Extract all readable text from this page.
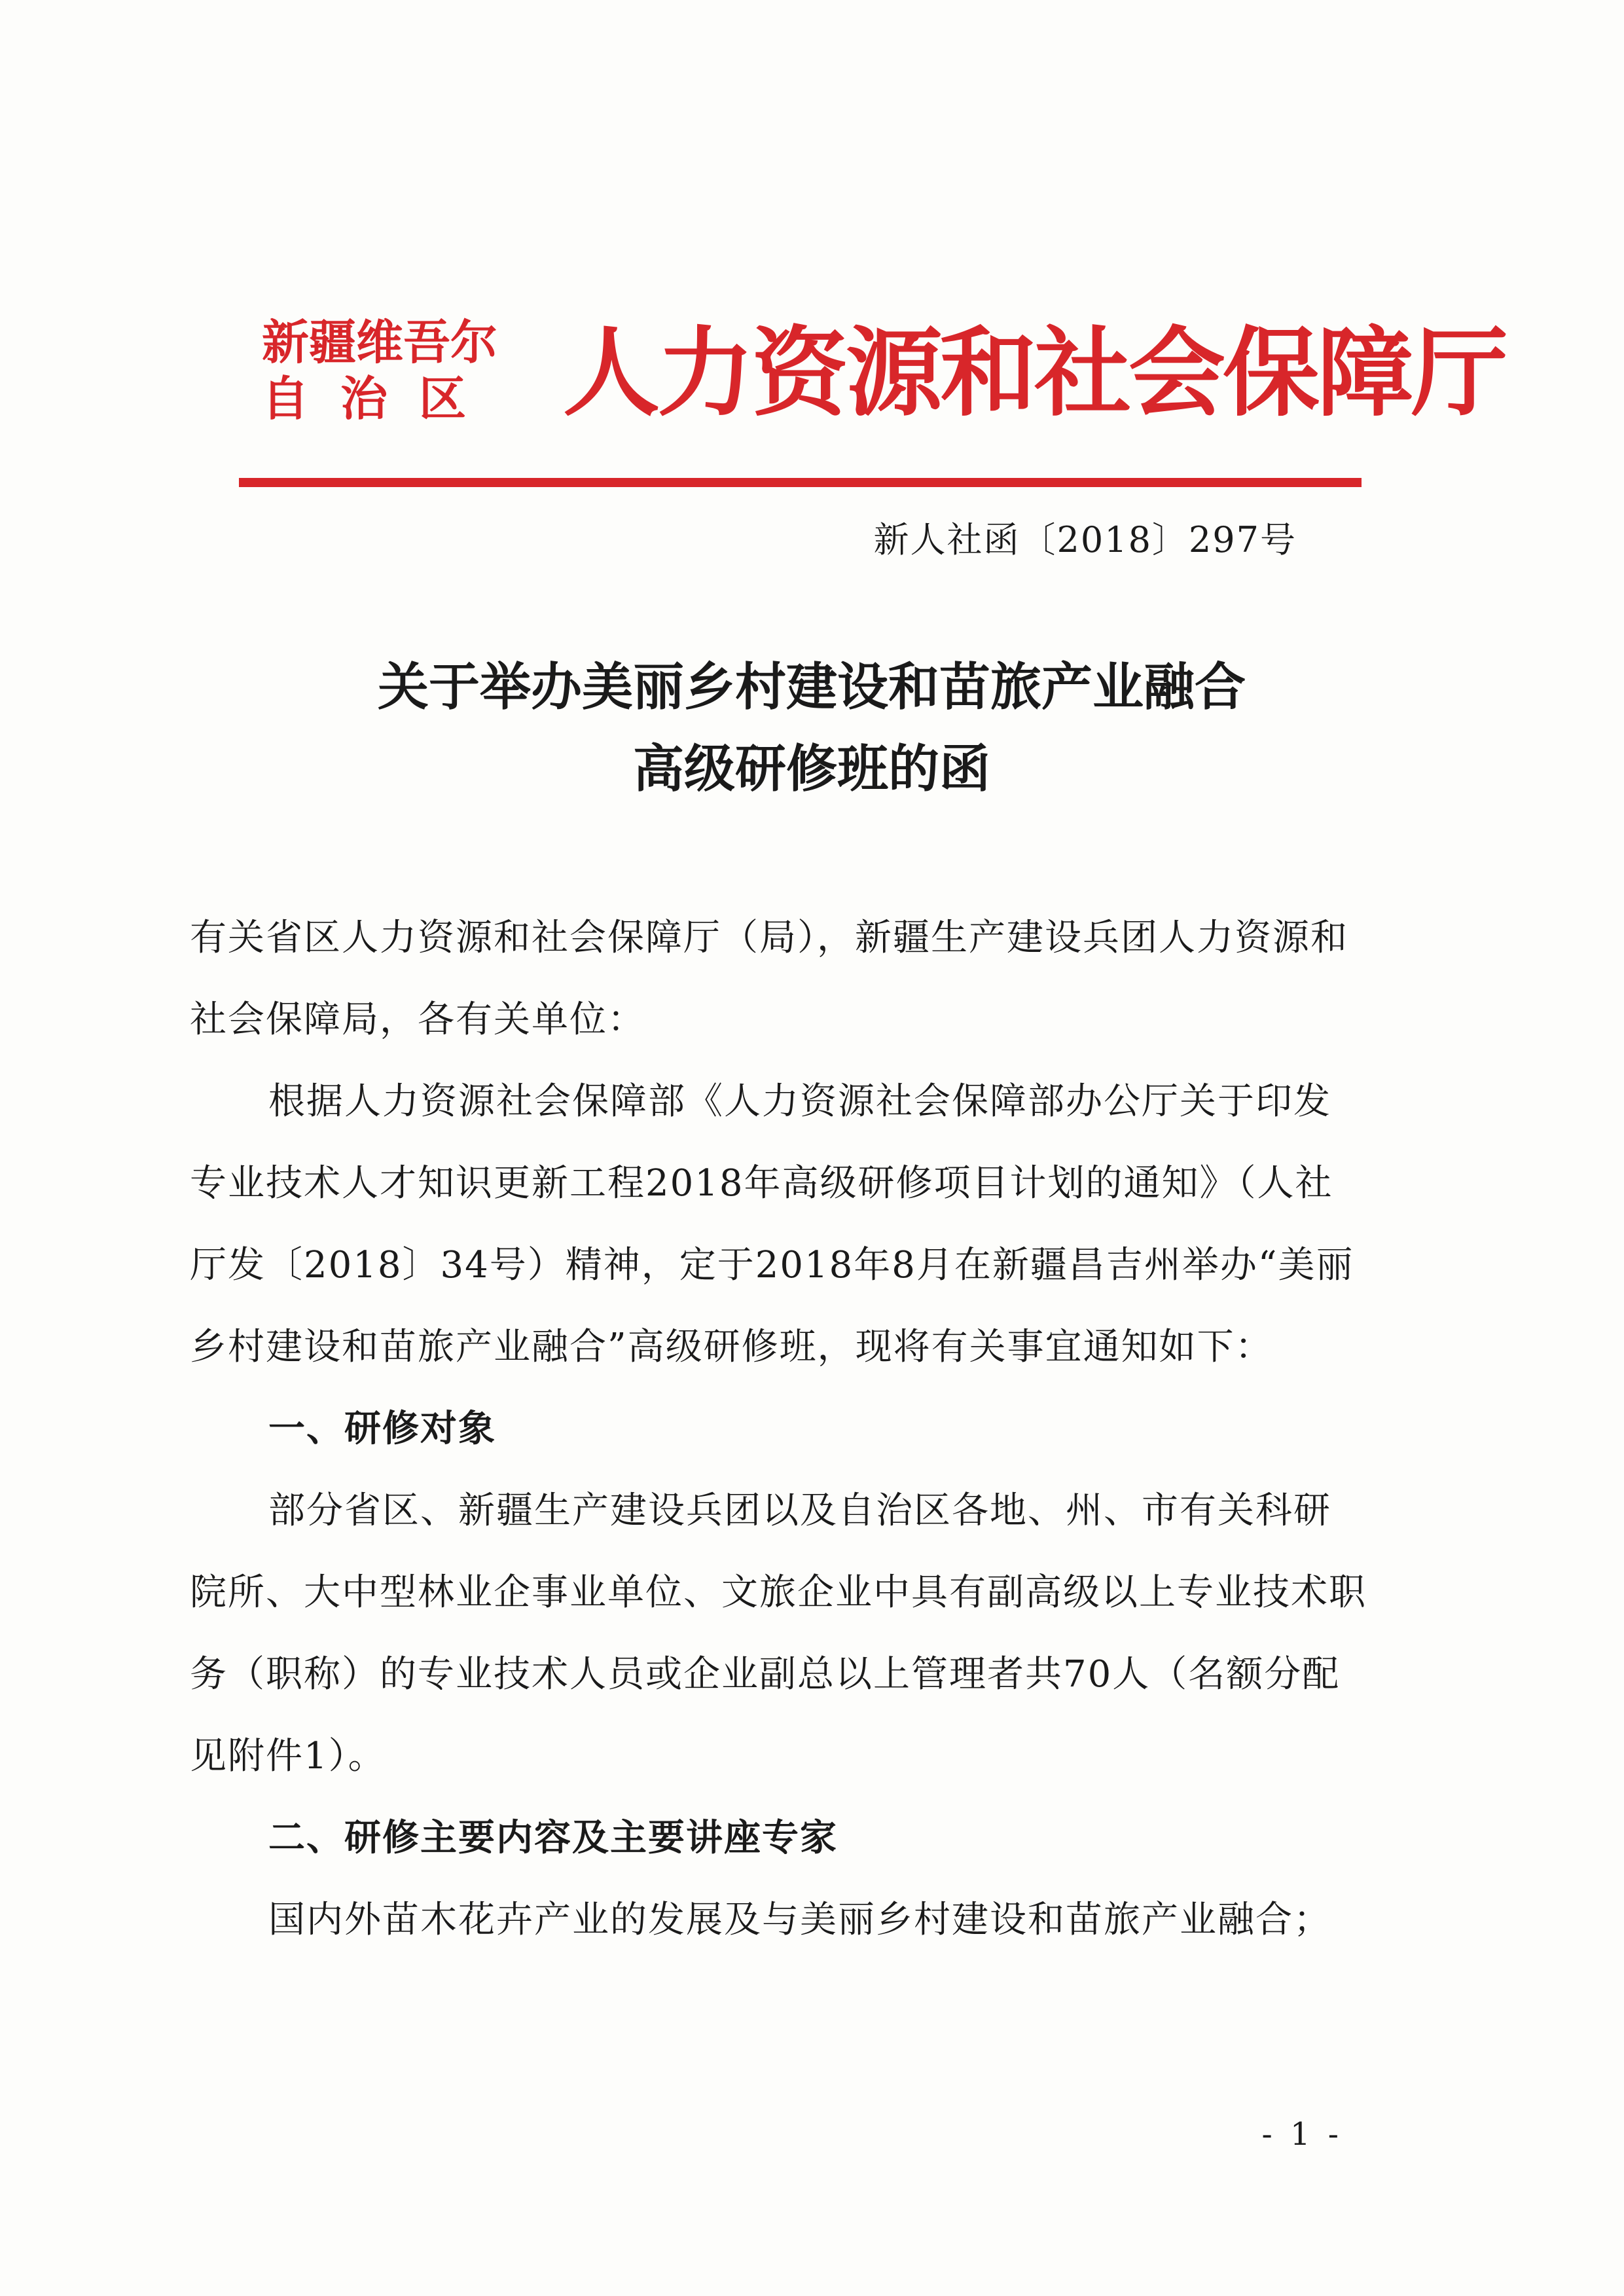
新疆维吾尔
自治区 人力资源和社会保障厅
新人社函〔2018〕297号
关于举办美丽乡村建设和苗旅产业融合
高级研修班的函

有关省区人力资源和社会保障厅（局），新疆生产建设兵团人力资源和社会保障局，各有关单位：

根据人力资源社会保障部《人力资源社会保障部办公厅关于印发专业技术人才知识更新工程2018年高级研修项目计划的通知》（人社厅发〔2018〕34号）精神，定于2018年8月在新疆昌吉州举办“美丽乡村建设和苗旅产业融合”高级研修班，现将有关事宜通知如下：

一、研修对象

部分省区、新疆生产建设兵团以及自治区各地、州、市有关科研院所、大中型林业企事业单位、文旅企业中具有副高级以上专业技术职务（职称）的专业技术人员或企业副总以上管理者共70人（名额分配见附件1）。

二、研修主要内容及主要讲座专家

国内外苗木花卉产业的发展及与美丽乡村建设和苗旅产业融合；

- 1 -
